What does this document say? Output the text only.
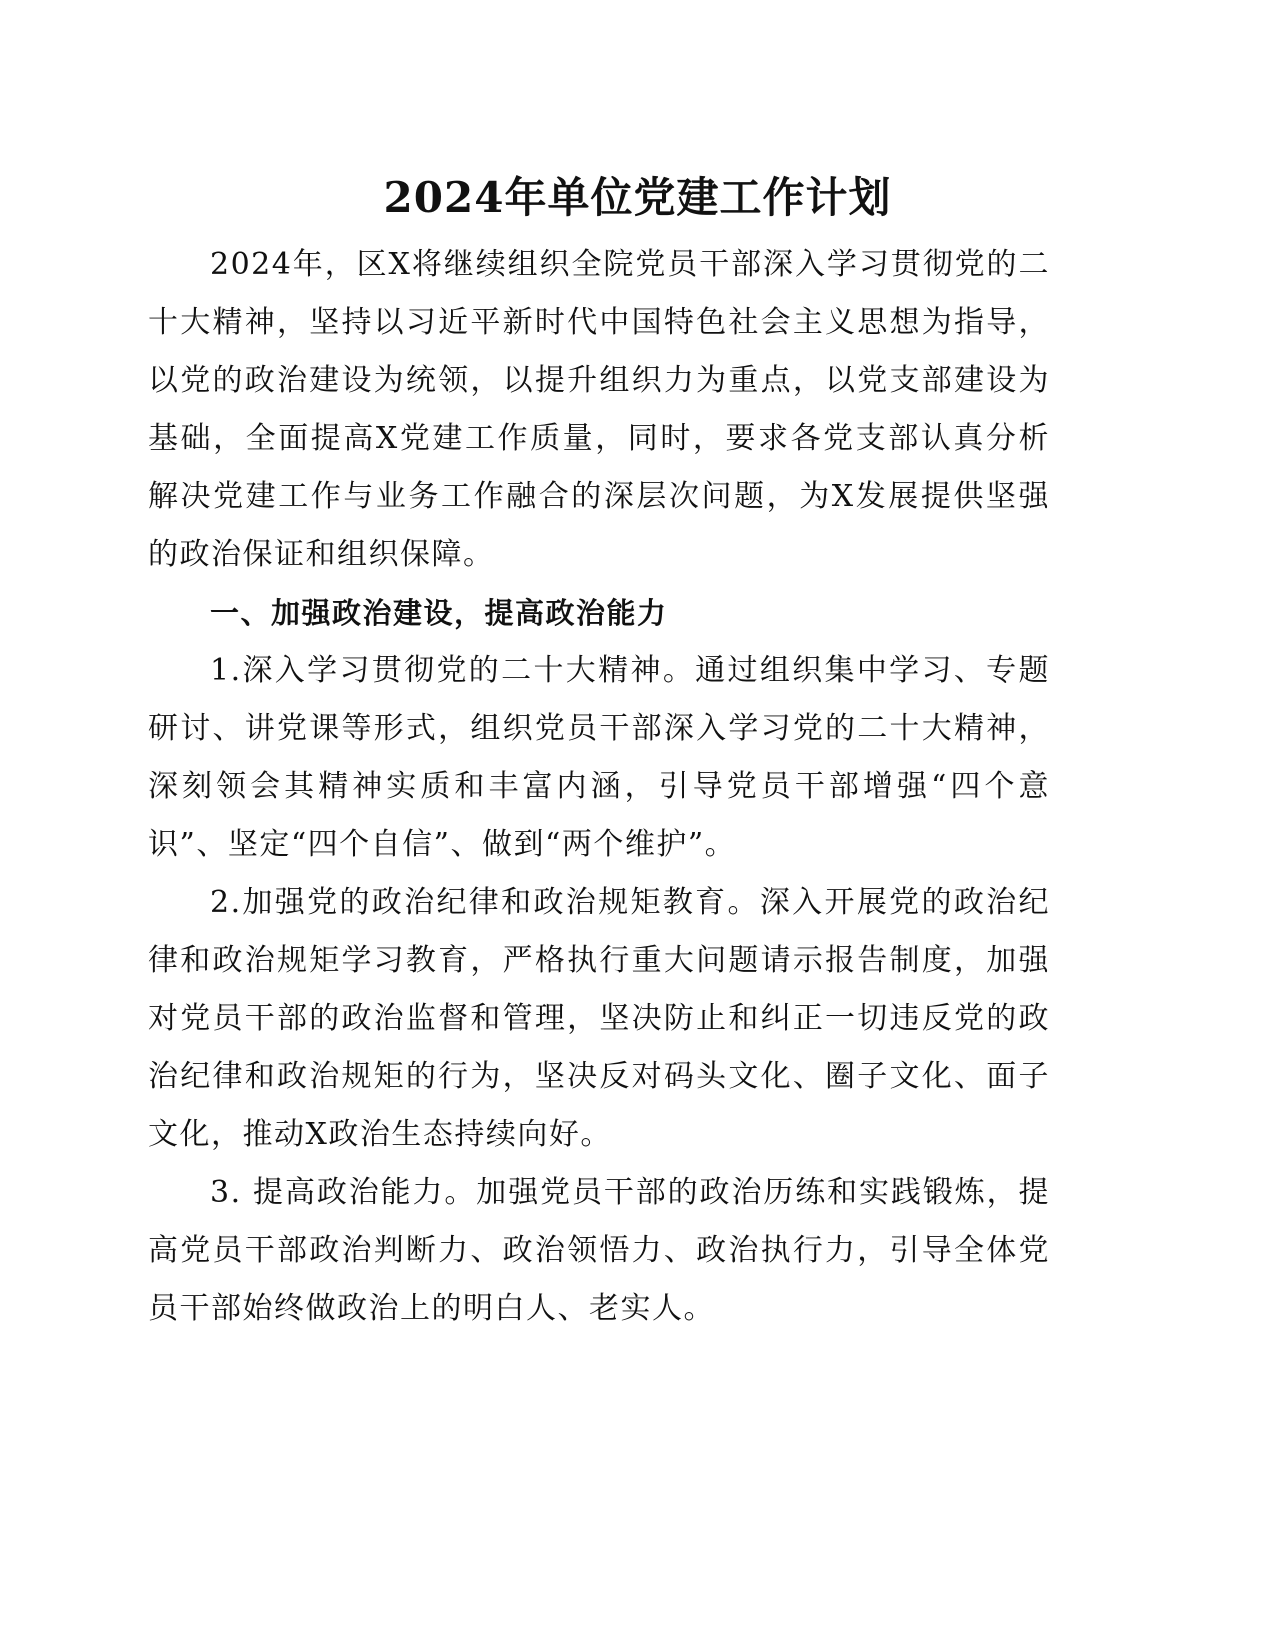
2024年单位党建工作计划

2024年，区X将继续组织全院党员干部深入学习贯彻党的二十大精神，坚持以习近平新时代中国特色社会主义思想为指导，以党的政治建设为统领，以提升组织力为重点，以党支部建设为基础，全面提高X党建工作质量，同时，要求各党支部认真分析解决党建工作与业务工作融合的深层次问题，为X发展提供坚强的政治保证和组织保障。

一、加强政治建设，提高政治能力

1.深入学习贯彻党的二十大精神。通过组织集中学习、专题研讨、讲党课等形式，组织党员干部深入学习党的二十大精神，深刻领会其精神实质和丰富内涵，引导党员干部增强“四个意识”、坚定“四个自信”、做到“两个维护”。

2.加强党的政治纪律和政治规矩教育。深入开展党的政治纪律和政治规矩学习教育，严格执行重大问题请示报告制度，加强对党员干部的政治监督和管理，坚决防止和纠正一切违反党的政治纪律和政治规矩的行为，坚决反对码头文化、圈子文化、面子文化，推动X政治生态持续向好。

3. 提高政治能力。加强党员干部的政治历练和实践锻炼，提高党员干部政治判断力、政治领悟力、政治执行力，引导全体党员干部始终做政治上的明白人、老实人。
